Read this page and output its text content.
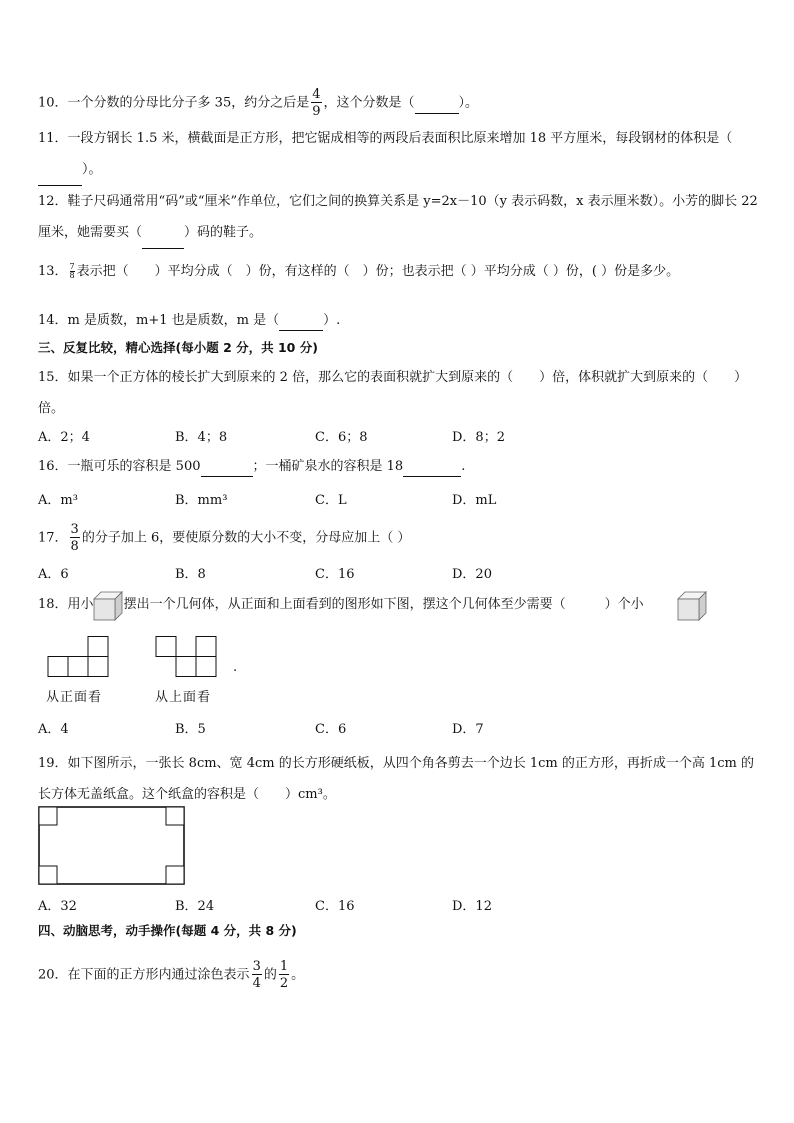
10．一个分数的分母比分子多 35，约分之后是 $\frac{4}{9}$ ，这个分数是（	）。
11．一段方钢长 1.5 米，横截面是正方形，把它锯成相等的两段后表面积比原来增加 18 平方厘米，每段钢材的体积是（ ）。
12．鞋子尺码通常用“码”或“厘米”作单位，它们之间的换算关系是 y=2x－10（y 表示码数，x 表示厘米数）。小芳的脚长 22 厘米，她需要买（	）码的鞋子。
13． $\frac{7}{8}$ 表示把（　　）平均分成（　）份，有这样的（　）份；也表示把（ ）平均分成（ ）份，( ）份是多少。
14．m 是质数，m+1 也是质数，m 是（	）.
三、反复比较，精心选择(每小题 2 分，共 10 分)
15．如果一个正方体的棱长扩大到原来的 2 倍，那么它的表面积就扩大到原来的（　　）倍，体积就扩大到原来的（　　）倍。
A．2；4	B．4；8	C．6；8	D．8；2
16．一瓶可乐的容积是 500	；一桶矿泉水的容积是 18	.
A．m³	B．mm³	C．L	D．mL
17． $\frac{3}{8}$ 的分子加上 6，要使原分数的大小不变，分母应加上（ ）
A．6	B．8	C．16	D．20
18．用小 摆出一个几何体，从正面和上面看到的图形如下图，摆这个几何体至少需要（　　　）个小
.
从正面看	从上面看
A．4	B．5	C．6	D．7
19．如下图所示，一张长 8cm、宽 4cm 的长方形硬纸板，从四个角各剪去一个边长 1cm 的正方形，再折成一个高 1cm 的长方体无盖纸盒。这个纸盒的容积是（　　）cm³。
A．32	B．24	C．16	D．12
四、动脑思考，动手操作(每题 4 分，共 8 分)
20．在下面的正方形内通过涂色表示 $\frac{3}{4}$ 的 $\frac{1}{2}$ 。
